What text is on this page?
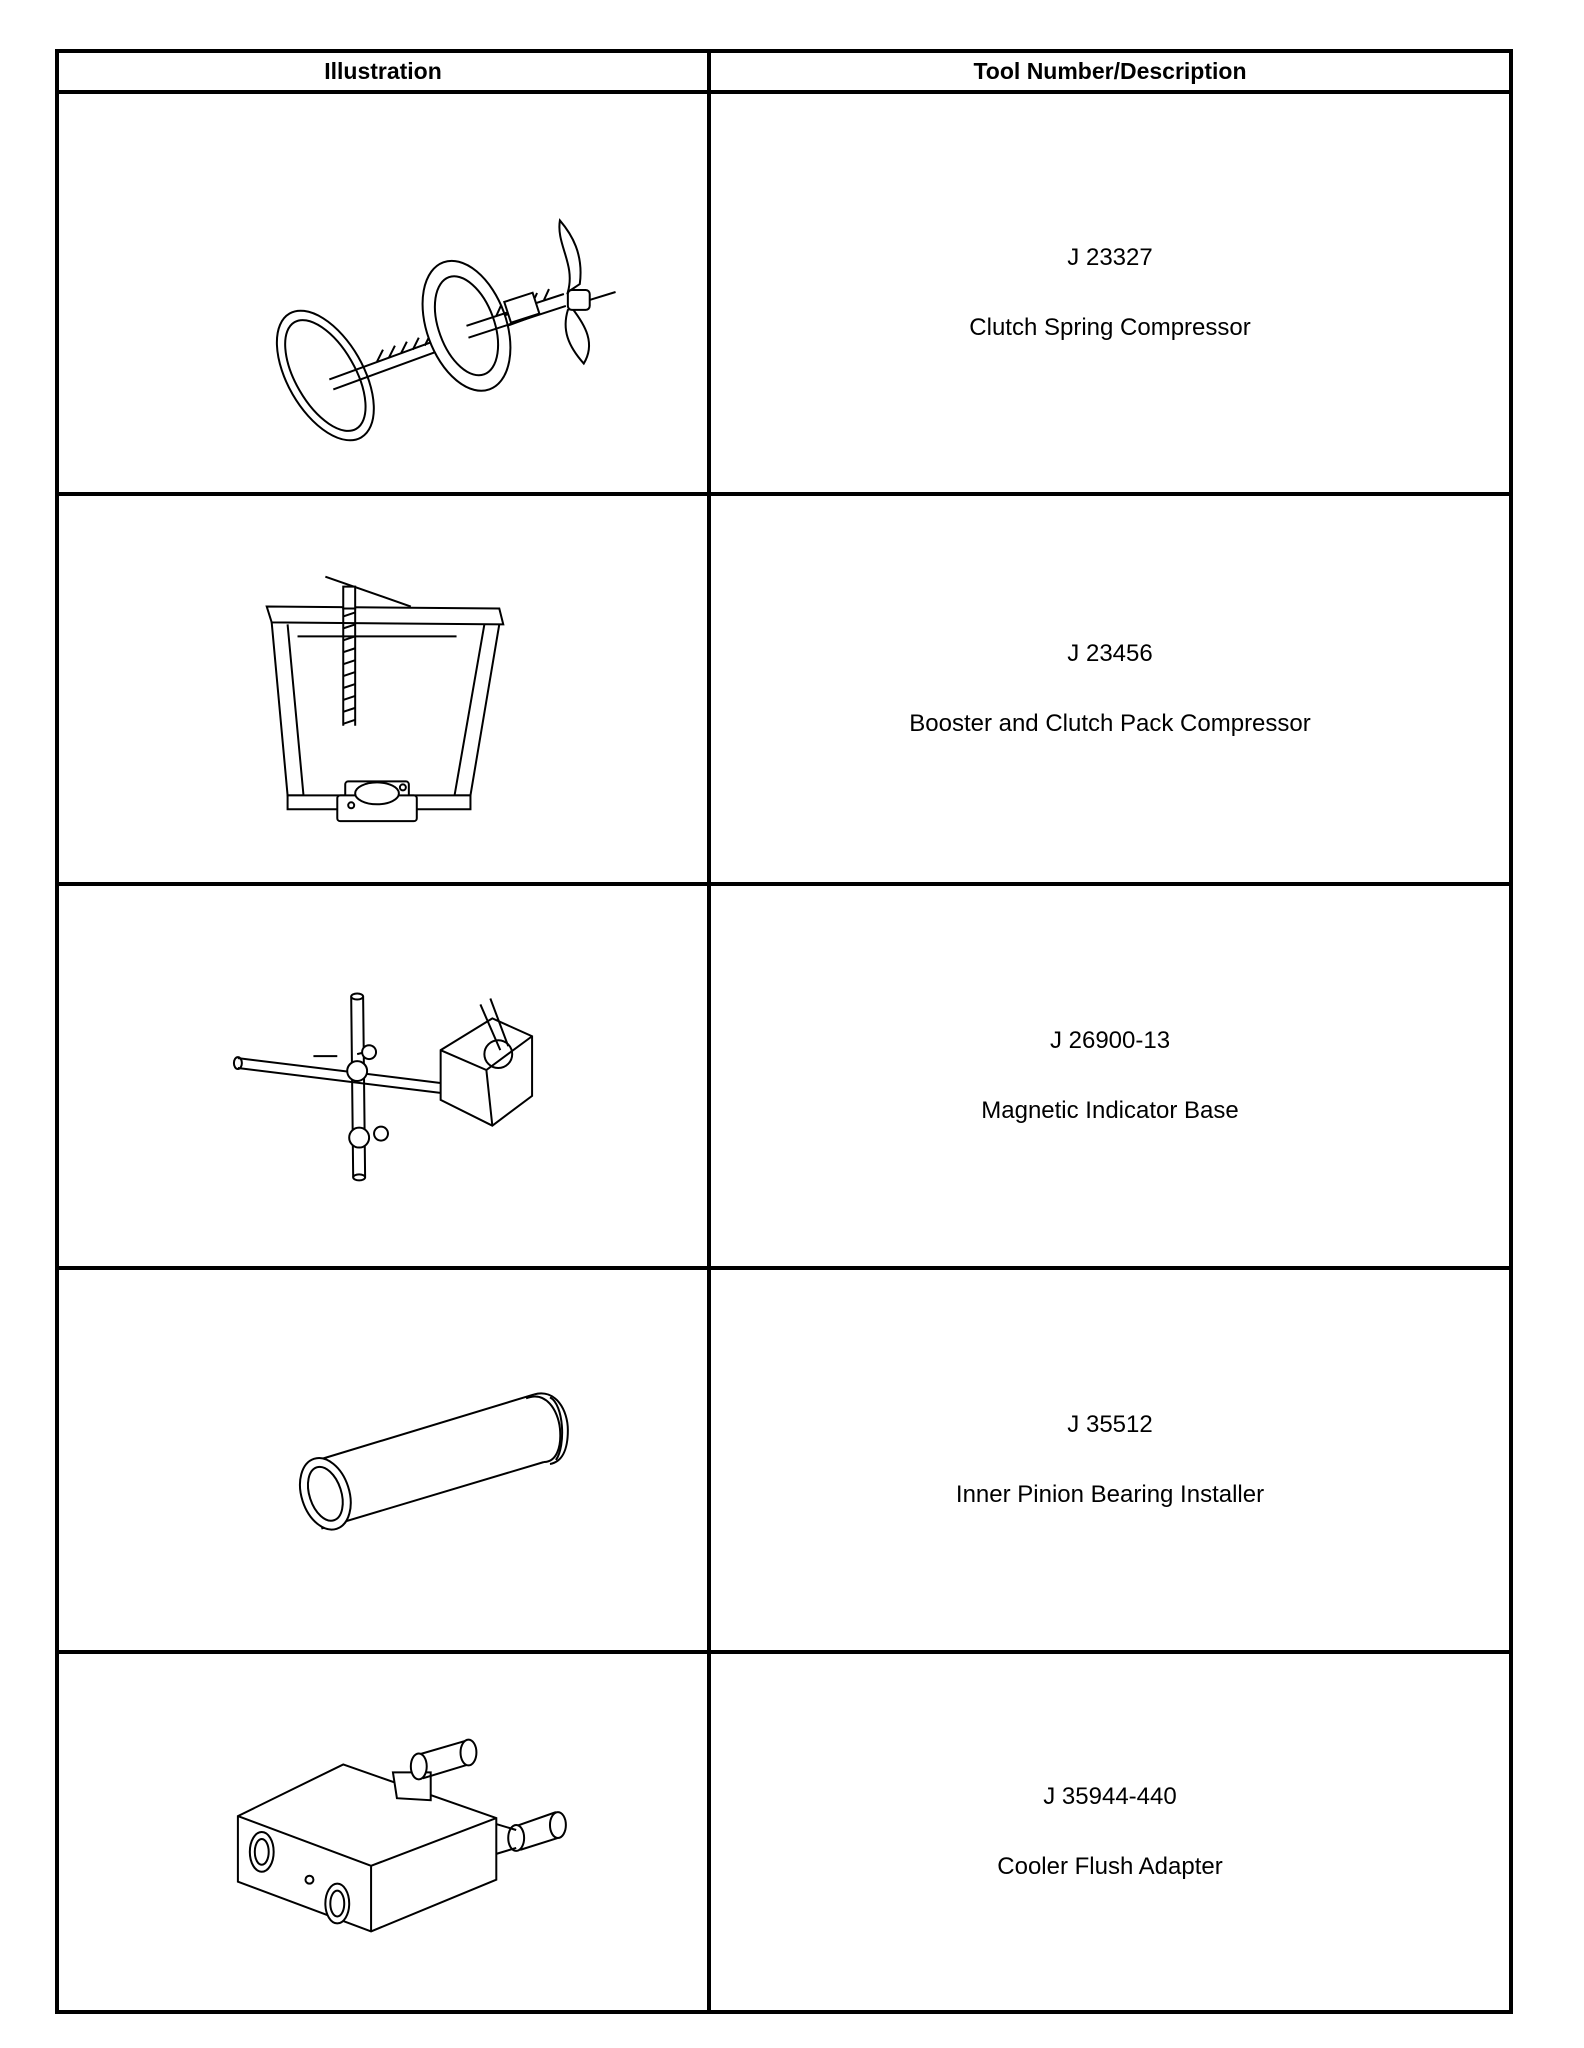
Illustration	Tool Number/Description

J 23327
Clutch Spring Compressor

J 23456
Booster and Clutch Pack Compressor

J 26900-13
Magnetic Indicator Base

J 35512
Inner Pinion Bearing Installer

J 35944-440
Cooler Flush Adapter
